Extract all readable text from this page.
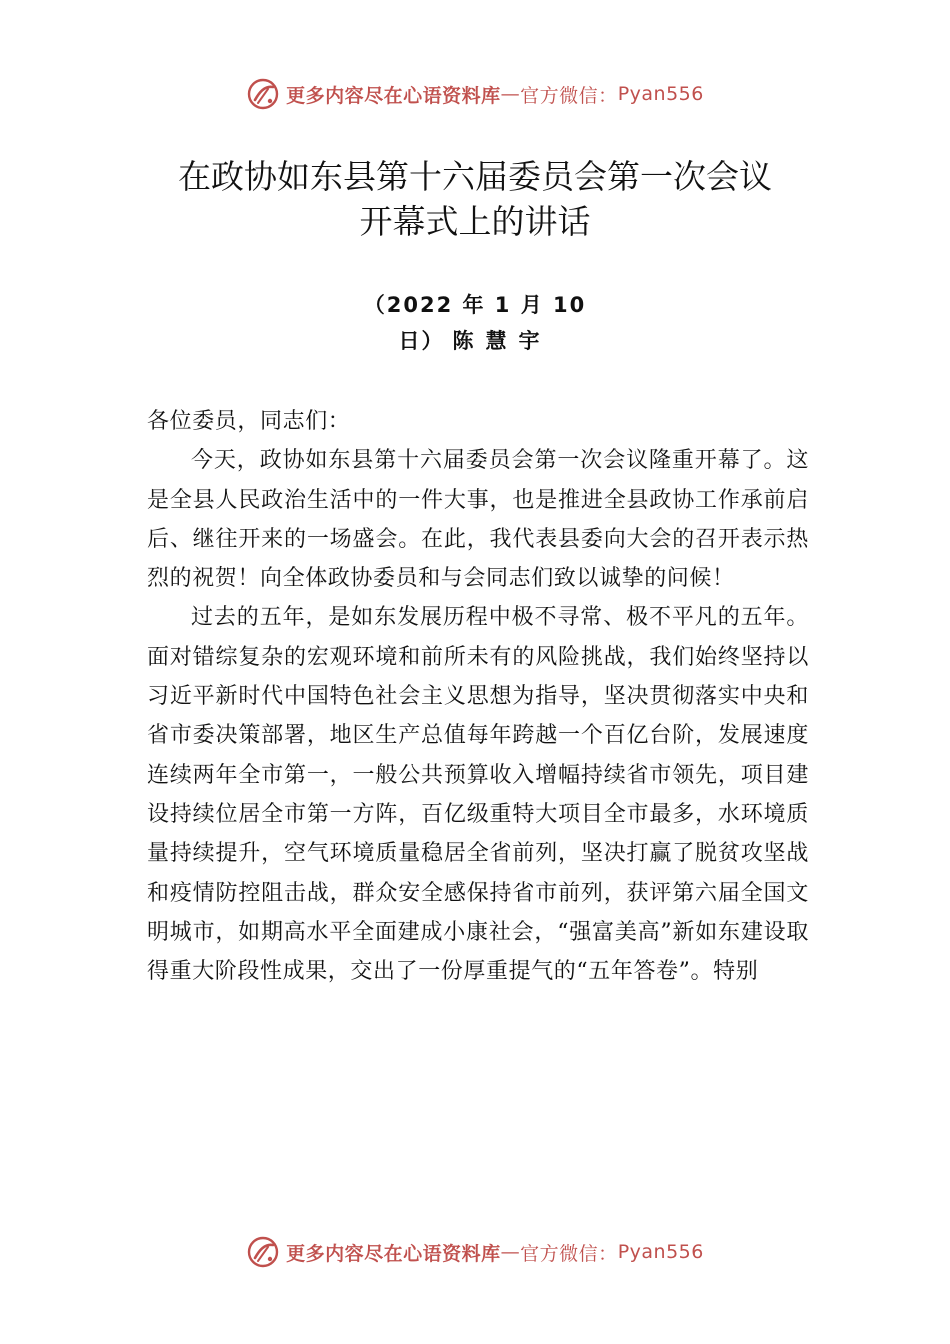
更多内容尽在心语资料库 — 官方微信： Pyan556
在政协如东县第十六届委员会第一次会议
开幕式上的讲话
（2022 年 1 月 10
日） 陈慧宇

各位委员，同志们：

今天，政协如东县第十六届委员会第一次会议隆重开幕了。这是全县人民政治生活中的一件大事，也是推进全县政协工作承前启后、继往开来的一场盛会。在此，我代表县委向大会的召开表示热烈的祝贺！向全体政协委员和与会同志们致以诚挚的问候！

过去的五年，是如东发展历程中极不寻常、极不平凡的五年。面对错综复杂的宏观环境和前所未有的风险挑战，我们始终坚持以习近平新时代中国特色社会主义思想为指导，坚决贯彻落实中央和省市委决策部署，地区生产总值每年跨越一个百亿台阶，发展速度连续两年全市第一，一般公共预算收入增幅持续省市领先，项目建设持续位居全市第一方阵，百亿级重特大项目全市最多，水环境质量持续提升，空气环境质量稳居全省前列，坚决打赢了脱贫攻坚战和疫情防控阻击战，群众安全感保持省市前列，获评第六届全国文明城市，如期高水平全面建成小康社会，“强富美高”新如东建设取得重大阶段性成果，交出了一份厚重提气的“五年答卷”。特别

更多内容尽在心语资料库 — 官方微信： Pyan556
